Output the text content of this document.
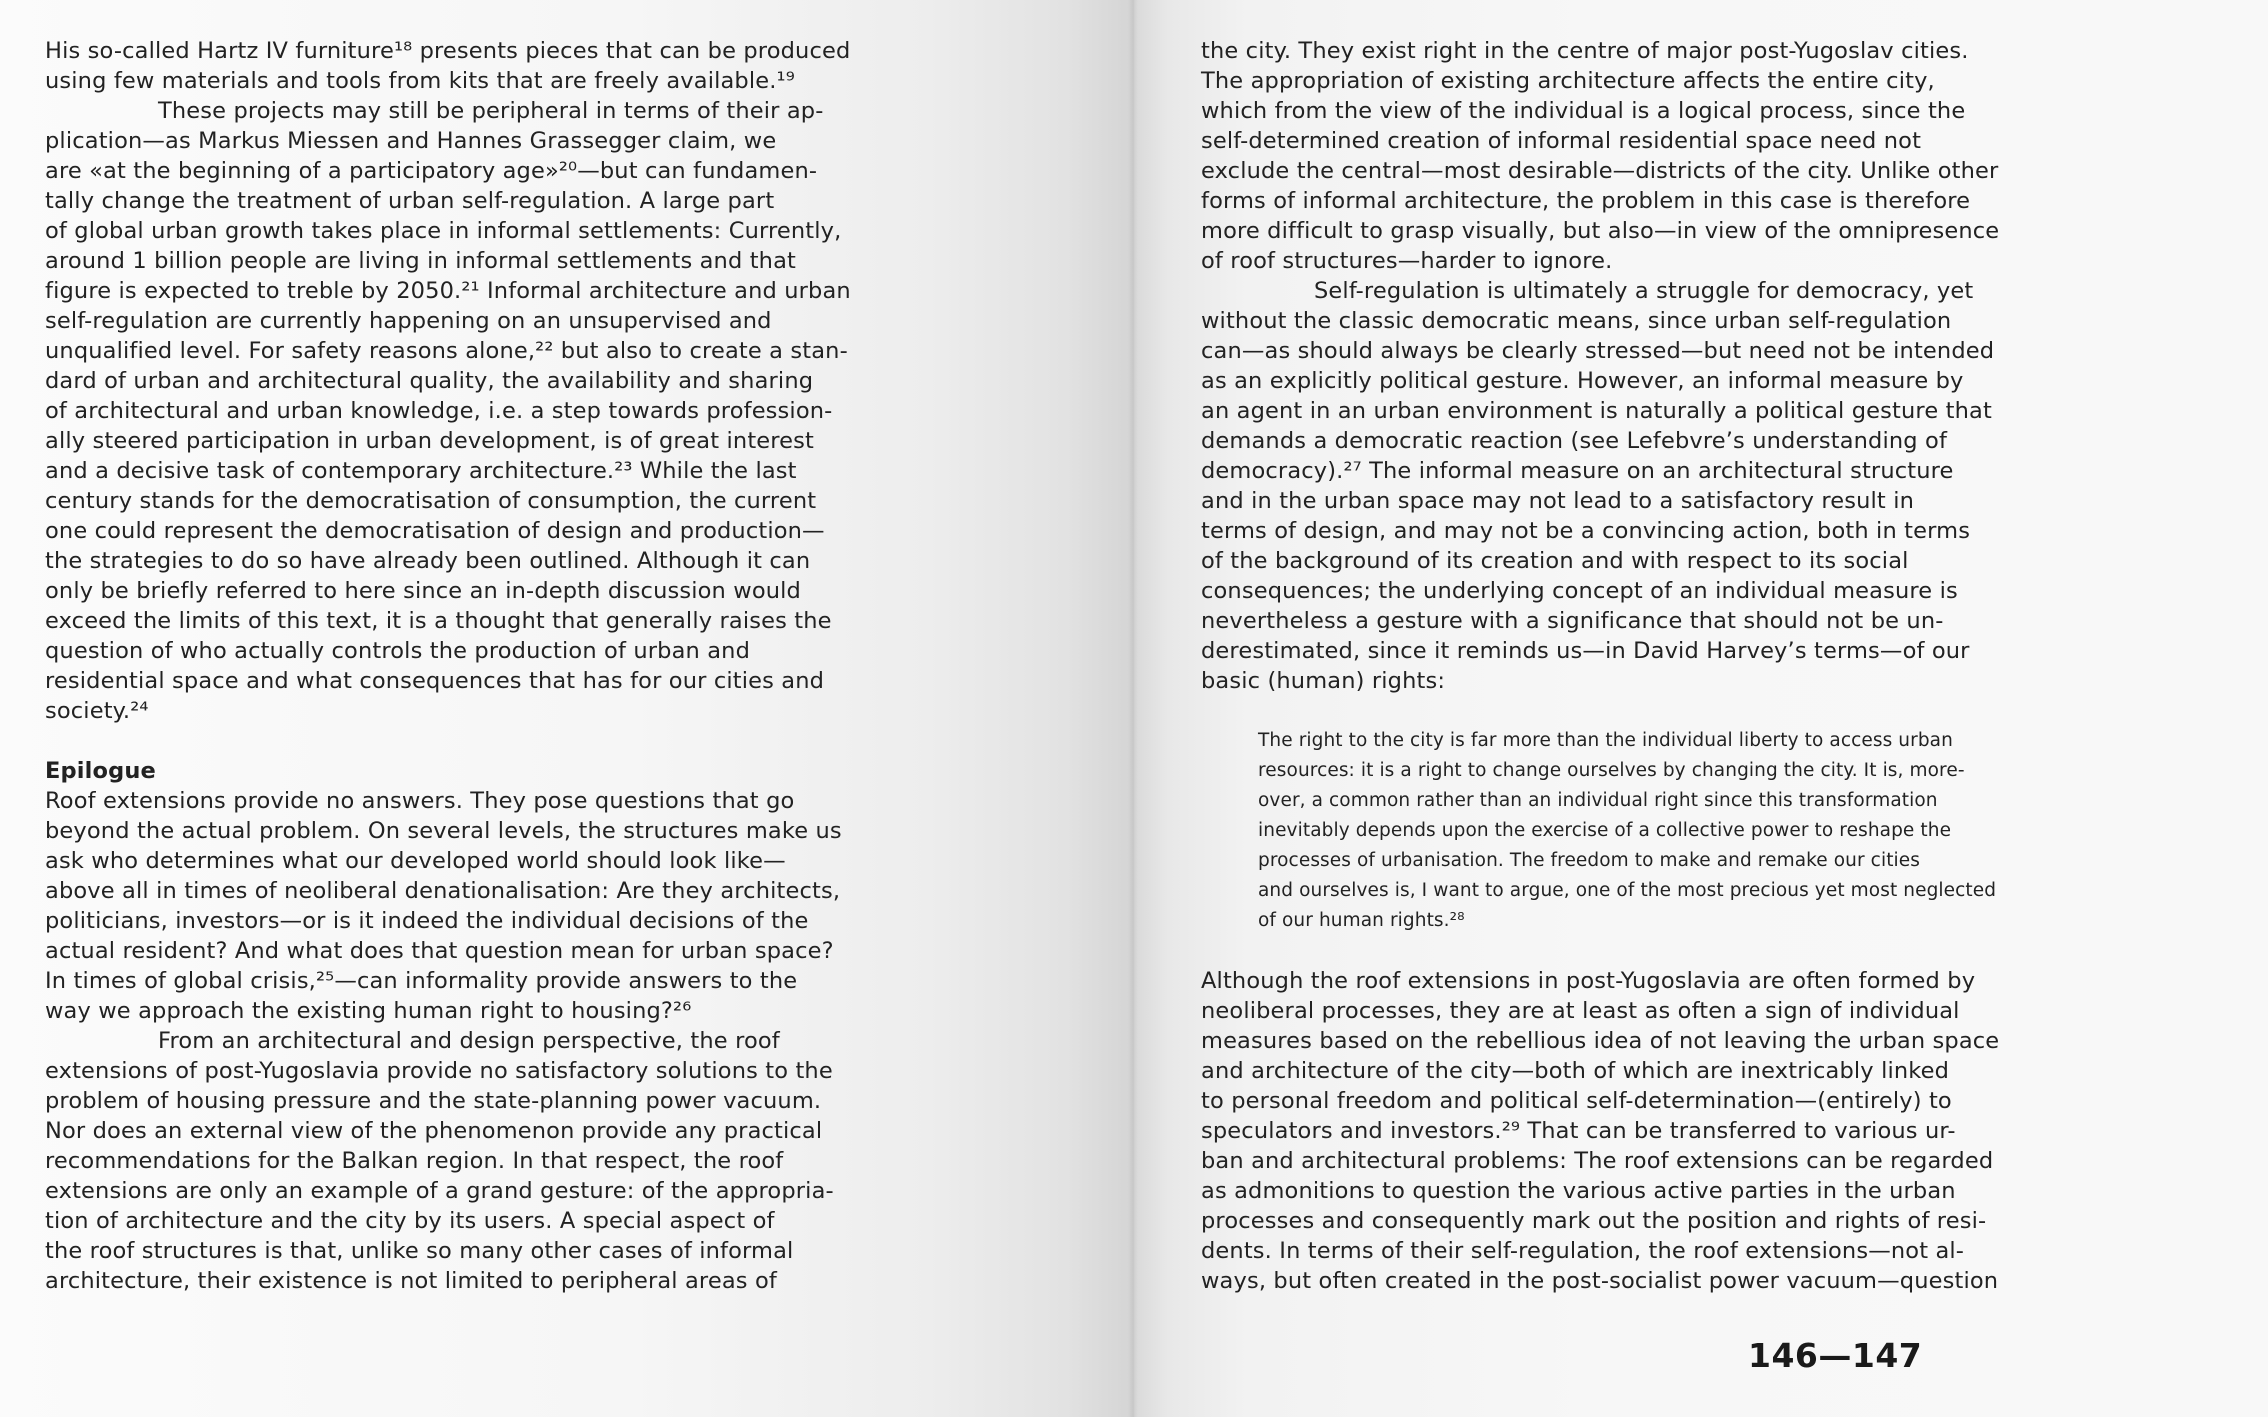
His so-called Hartz IV furniture¹⁸ presents pieces that can be produced
using few materials and tools from kits that are freely available.¹⁹
These projects may still be peripheral in terms of their ap-
plication—as Markus Miessen and Hannes Grassegger claim, we
are «at the beginning of a participatory age»²⁰—but can fundamen-
tally change the treatment of urban self-regulation. A large part
of global urban growth takes place in informal settlements: Currently,
around 1 billion people are living in informal settlements and that
figure is expected to treble by 2050.²¹ Informal architecture and urban
self-regulation are currently happening on an unsupervised and
unqualified level. For safety reasons alone,²² but also to create a stan-
dard of urban and architectural quality, the availability and sharing
of architectural and urban knowledge, i.e. a step towards profession-
ally steered participation in urban development, is of great interest
and a decisive task of contemporary architecture.²³ While the last
century stands for the democratisation of consumption, the current
one could represent the democratisation of design and production—
the strategies to do so have already been outlined. Although it can
only be briefly referred to here since an in-depth discussion would
exceed the limits of this text, it is a thought that generally raises the
question of who actually controls the production of urban and
residential space and what consequences that has for our cities and
society.²⁴
Epilogue
Roof extensions provide no answers. They pose questions that go
beyond the actual problem. On several levels, the structures make us
ask who determines what our developed world should look like—
above all in times of neoliberal denationalisation: Are they architects,
politicians, investors—or is it indeed the individual decisions of the
actual resident? And what does that question mean for urban space?
In times of global crisis,²⁵—can informality provide answers to the
way we approach the existing human right to housing?²⁶
From an architectural and design perspective, the roof
extensions of post-Yugoslavia provide no satisfactory solutions to the
problem of housing pressure and the state-planning power vacuum.
Nor does an external view of the phenomenon provide any practical
recommendations for the Balkan region. In that respect, the roof
extensions are only an example of a grand gesture: of the appropria-
tion of architecture and the city by its users. A special aspect of
the roof structures is that, unlike so many other cases of informal
architecture, their existence is not limited to peripheral areas of
the city. They exist right in the centre of major post-Yugoslav cities.
The appropriation of existing architecture affects the entire city,
which from the view of the individual is a logical process, since the
self-determined creation of informal residential space need not
exclude the central—most desirable—districts of the city. Unlike other
forms of informal architecture, the problem in this case is therefore
more difficult to grasp visually, but also—in view of the omnipresence
of roof structures—harder to ignore.
Self-regulation is ultimately a struggle for democracy, yet
without the classic democratic means, since urban self-regulation
can—as should always be clearly stressed—but need not be intended
as an explicitly political gesture. However, an informal measure by
an agent in an urban environment is naturally a political gesture that
demands a democratic reaction (see Lefebvre’s understanding of
democracy).²⁷ The informal measure on an architectural structure
and in the urban space may not lead to a satisfactory result in
terms of design, and may not be a convincing action, both in terms
of the background of its creation and with respect to its social
consequences; the underlying concept of an individual measure is
nevertheless a gesture with a significance that should not be un-
derestimated, since it reminds us—in David Harvey’s terms—of our
basic (human) rights:
The right to the city is far more than the individual liberty to access urban
resources: it is a right to change ourselves by changing the city. It is, more-
over, a common rather than an individual right since this transformation
inevitably depends upon the exercise of a collective power to reshape the
processes of urbanisation. The freedom to make and remake our cities
and ourselves is, I want to argue, one of the most precious yet most neglected
of our human rights.²⁸
Although the roof extensions in post-Yugoslavia are often formed by
neoliberal processes, they are at least as often a sign of individual
measures based on the rebellious idea of not leaving the urban space
and architecture of the city—both of which are inextricably linked
to personal freedom and political self-determination—(entirely) to
speculators and investors.²⁹ That can be transferred to various ur-
ban and architectural problems: The roof extensions can be regarded
as admonitions to question the various active parties in the urban
processes and consequently mark out the position and rights of resi-
dents. In terms of their self-regulation, the roof extensions—not al-
ways, but often created in the post-socialist power vacuum—question
146—147
